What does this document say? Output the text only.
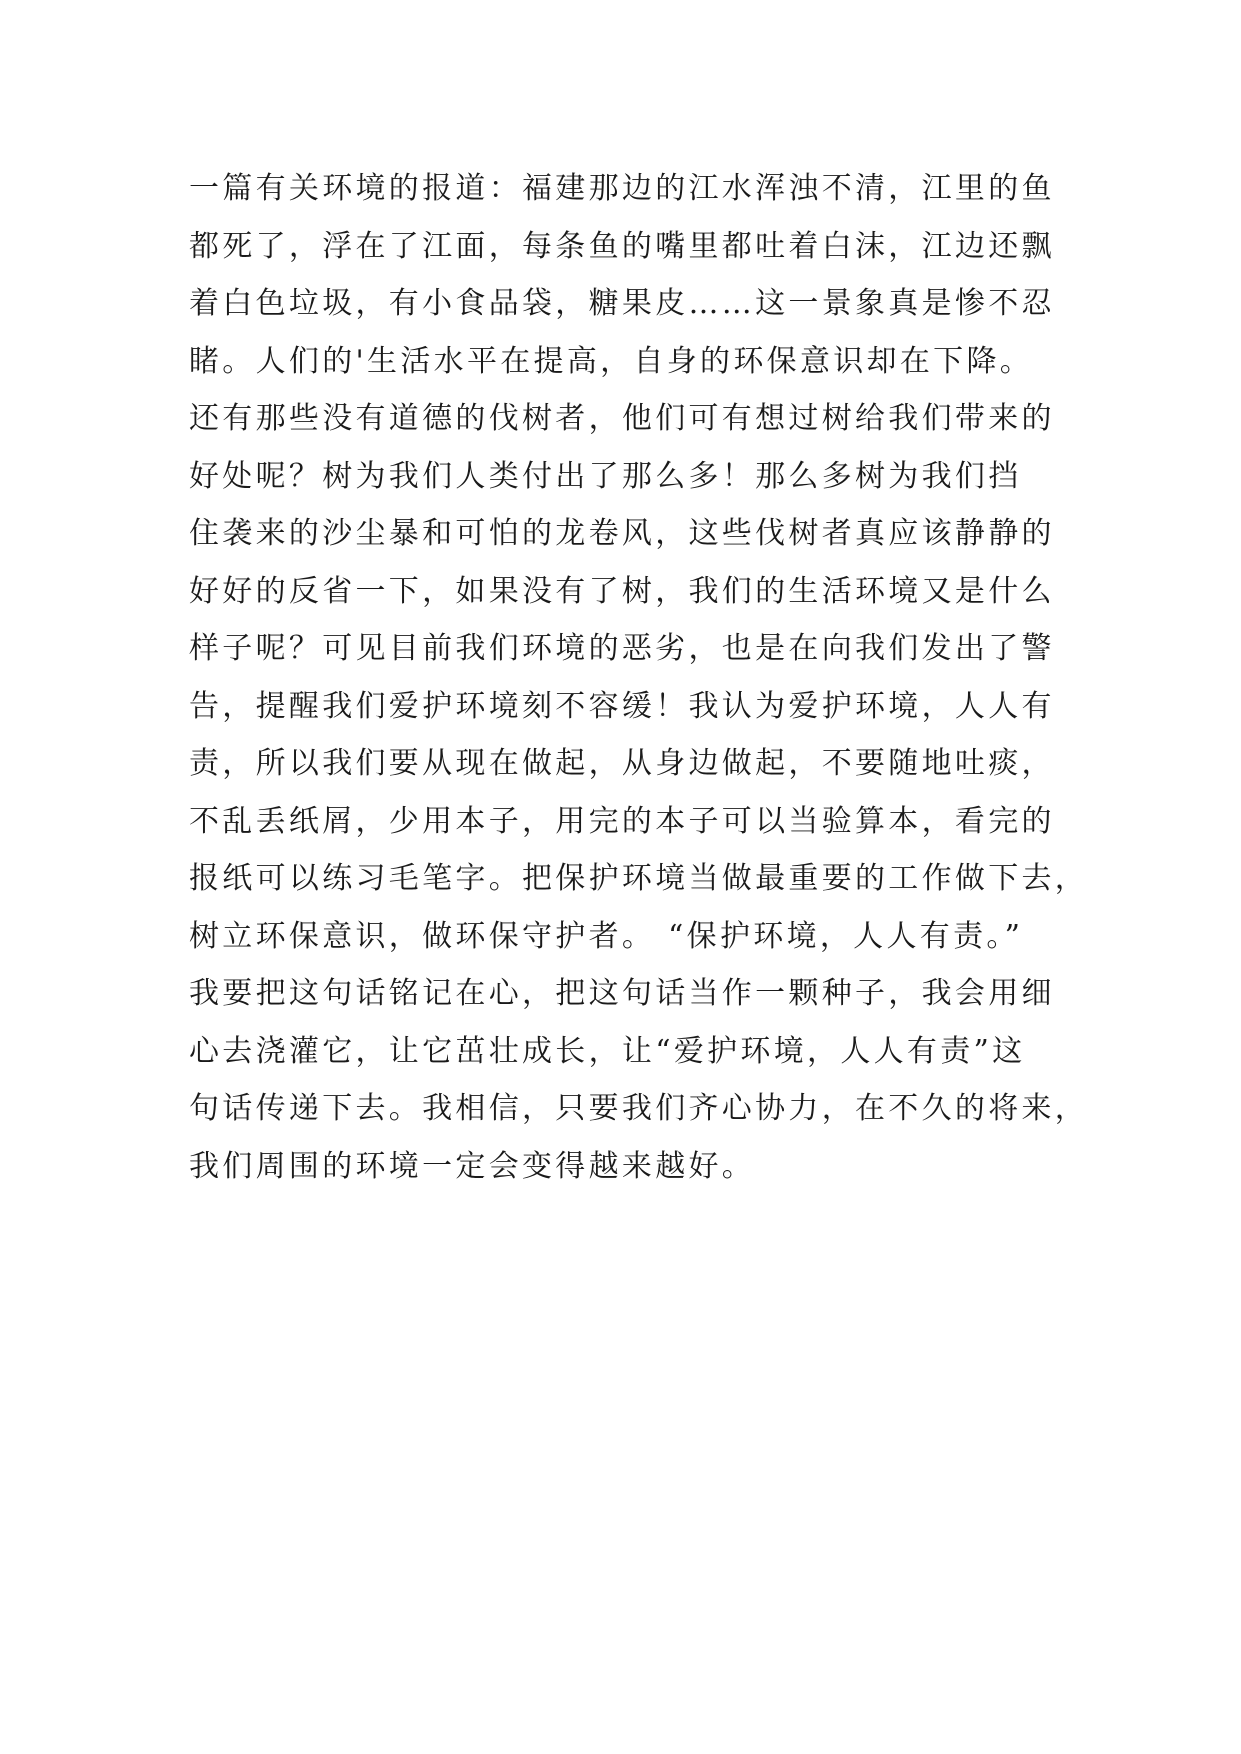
一篇有关环境的报道：福建那边的江水浑浊不清，江里的鱼
都死了，浮在了江面，每条鱼的嘴里都吐着白沫，江边还飘
着白色垃圾，有小食品袋，糖果皮……这一景象真是惨不忍
睹。人们的'生活水平在提高，自身的环保意识却在下降。
还有那些没有道德的伐树者，他们可有想过树给我们带来的
好处呢？树为我们人类付出了那么多！那么多树为我们挡
住袭来的沙尘暴和可怕的龙卷风，这些伐树者真应该静静的
好好的反省一下，如果没有了树，我们的生活环境又是什么
样子呢？可见目前我们环境的恶劣，也是在向我们发出了警
告，提醒我们爱护环境刻不容缓！我认为爱护环境，人人有
责，所以我们要从现在做起，从身边做起，不要随地吐痰，
不乱丢纸屑，少用本子，用完的本子可以当验算本，看完的
报纸可以练习毛笔字。把保护环境当做最重要的工作做下去，
树立环保意识，做环保守护者。 “保护环境，人人有责。”
我要把这句话铭记在心，把这句话当作一颗种子，我会用细
心去浇灌它，让它茁壮成长，让“爱护环境，人人有责”这
句话传递下去。我相信，只要我们齐心协力，在不久的将来，
我们周围的环境一定会变得越来越好。
